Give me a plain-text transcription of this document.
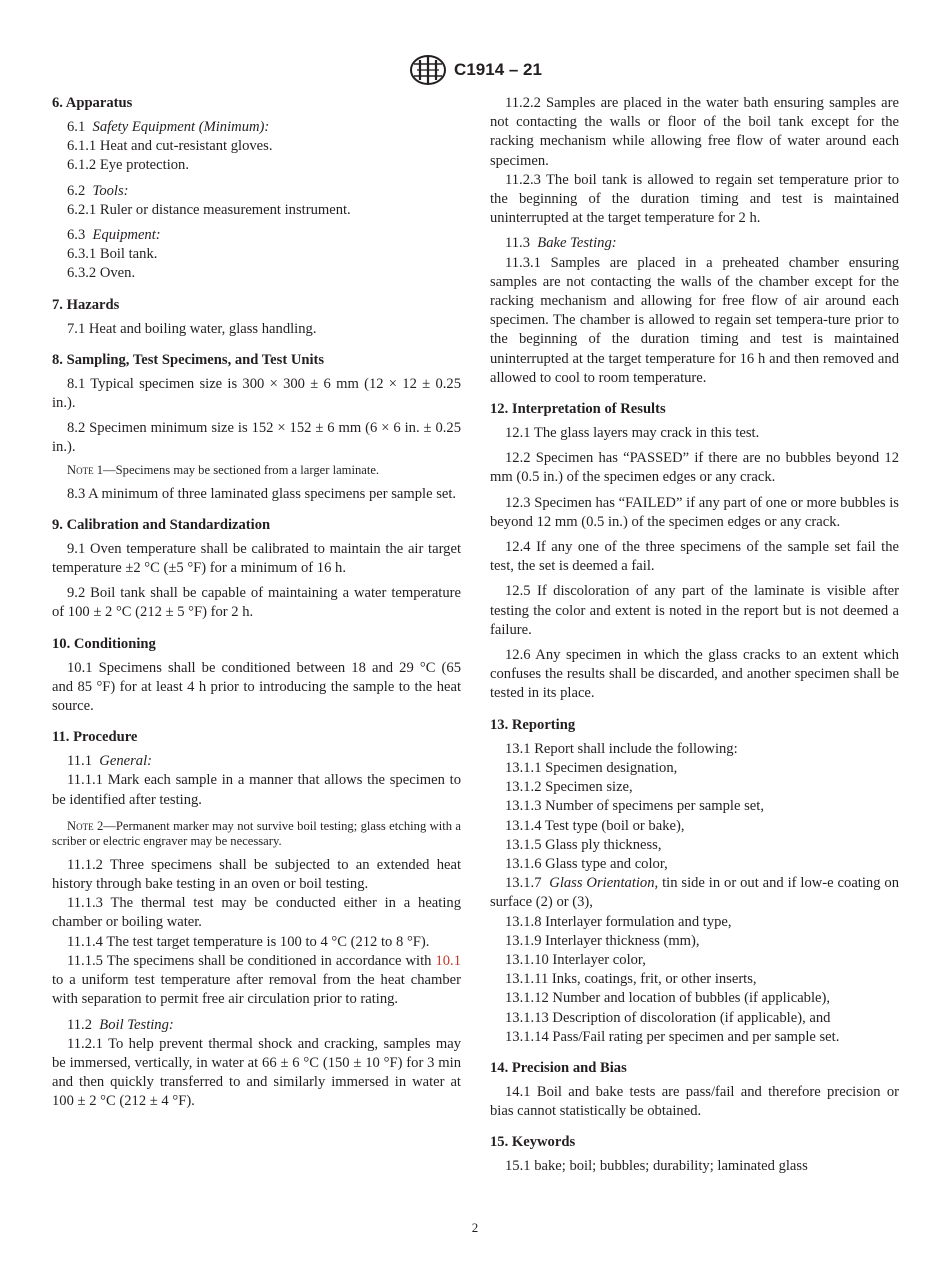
C1914 – 21
6. Apparatus

6.1 Safety Equipment (Minimum):

6.1.1 Heat and cut-resistant gloves.

6.1.2 Eye protection.

6.2 Tools:

6.2.1 Ruler or distance measurement instrument.

6.3 Equipment:

6.3.1 Boil tank.

6.3.2 Oven.

7. Hazards

7.1 Heat and boiling water, glass handling.

8. Sampling, Test Specimens, and Test Units

8.1 Typical specimen size is 300 × 300 ± 6 mm (12 × 12 ± 0.25 in.).

8.2 Specimen minimum size is 152 × 152 ± 6 mm (6 × 6 in. ± 0.25 in.).

Note 1—Specimens may be sectioned from a larger laminate.

8.3 A minimum of three laminated glass specimens per sample set.

9. Calibration and Standardization

9.1 Oven temperature shall be calibrated to maintain the air target temperature ±2 °C (±5 °F) for a minimum of 16 h.

9.2 Boil tank shall be capable of maintaining a water temperature of 100 ± 2 °C (212 ± 5 °F) for 2 h.

10. Conditioning

10.1 Specimens shall be conditioned between 18 and 29 °C (65 and 85 °F) for at least 4 h prior to introducing the sample to the heat source.

11. Procedure

11.1 General:

11.1.1 Mark each sample in a manner that allows the specimen to be identified after testing.

Note 2—Permanent marker may not survive boil testing; glass etching with a scriber or electric engraver may be necessary.

11.1.2 Three specimens shall be subjected to an extended heat history through bake testing in an oven or boil testing.

11.1.3 The thermal test may be conducted either in a heating chamber or boiling water.

11.1.4 The test target temperature is 100 to 4 °C (212 to 8 °F).

11.1.5 The specimens shall be conditioned in accordance with 10.1 to a uniform test temperature after removal from the heat chamber with separation to permit free air circulation prior to rating.

11.2 Boil Testing:

11.2.1 To help prevent thermal shock and cracking, samples may be immersed, vertically, in water at 66 ± 6 °C (150 ± 10 °F) for 3 min and then quickly transferred to and similarly immersed in water at 100 ± 2 °C (212 ± 4 °F).

11.2.2 Samples are placed in the water bath ensuring samples are not contacting the walls or floor of the boil tank except for the racking mechanism while allowing free flow of water around each specimen.

11.2.3 The boil tank is allowed to regain set temperature prior to the beginning of the duration timing and test is maintained uninterrupted at the target temperature for 2 h.

11.3 Bake Testing:

11.3.1 Samples are placed in a preheated chamber ensuring samples are not contacting the walls of the chamber except for the racking mechanism and allowing for free flow of air around each specimen. The chamber is allowed to regain set tempera-ture prior to the beginning of the duration timing and test is maintained uninterrupted at the target temperature for 16 h and then removed and allowed to cool to room temperature.

12. Interpretation of Results

12.1 The glass layers may crack in this test.

12.2 Specimen has “PASSED” if there are no bubbles beyond 12 mm (0.5 in.) of the specimen edges or any crack.

12.3 Specimen has “FAILED” if any part of one or more bubbles is beyond 12 mm (0.5 in.) of the specimen edges or any crack.

12.4 If any one of the three specimens of the sample set fail the test, the set is deemed a fail.

12.5 If discoloration of any part of the laminate is visible after testing the color and extent is noted in the report but is not deemed a failure.

12.6 Any specimen in which the glass cracks to an extent which confuses the results shall be discarded, and another specimen shall be tested in its place.

13. Reporting

13.1 Report shall include the following:

13.1.1 Specimen designation,

13.1.2 Specimen size,

13.1.3 Number of specimens per sample set,

13.1.4 Test type (boil or bake),

13.1.5 Glass ply thickness,

13.1.6 Glass type and color,

13.1.7 Glass Orientation, tin side in or out and if low-e coating on surface (2) or (3),

13.1.8 Interlayer formulation and type,

13.1.9 Interlayer thickness (mm),

13.1.10 Interlayer color,

13.1.11 Inks, coatings, frit, or other inserts,

13.1.12 Number and location of bubbles (if applicable),

13.1.13 Description of discoloration (if applicable), and

13.1.14 Pass/Fail rating per specimen and per sample set.

14. Precision and Bias

14.1 Boil and bake tests are pass/fail and therefore precision or bias cannot statistically be obtained.

15. Keywords

15.1 bake; boil; bubbles; durability; laminated glass

2
